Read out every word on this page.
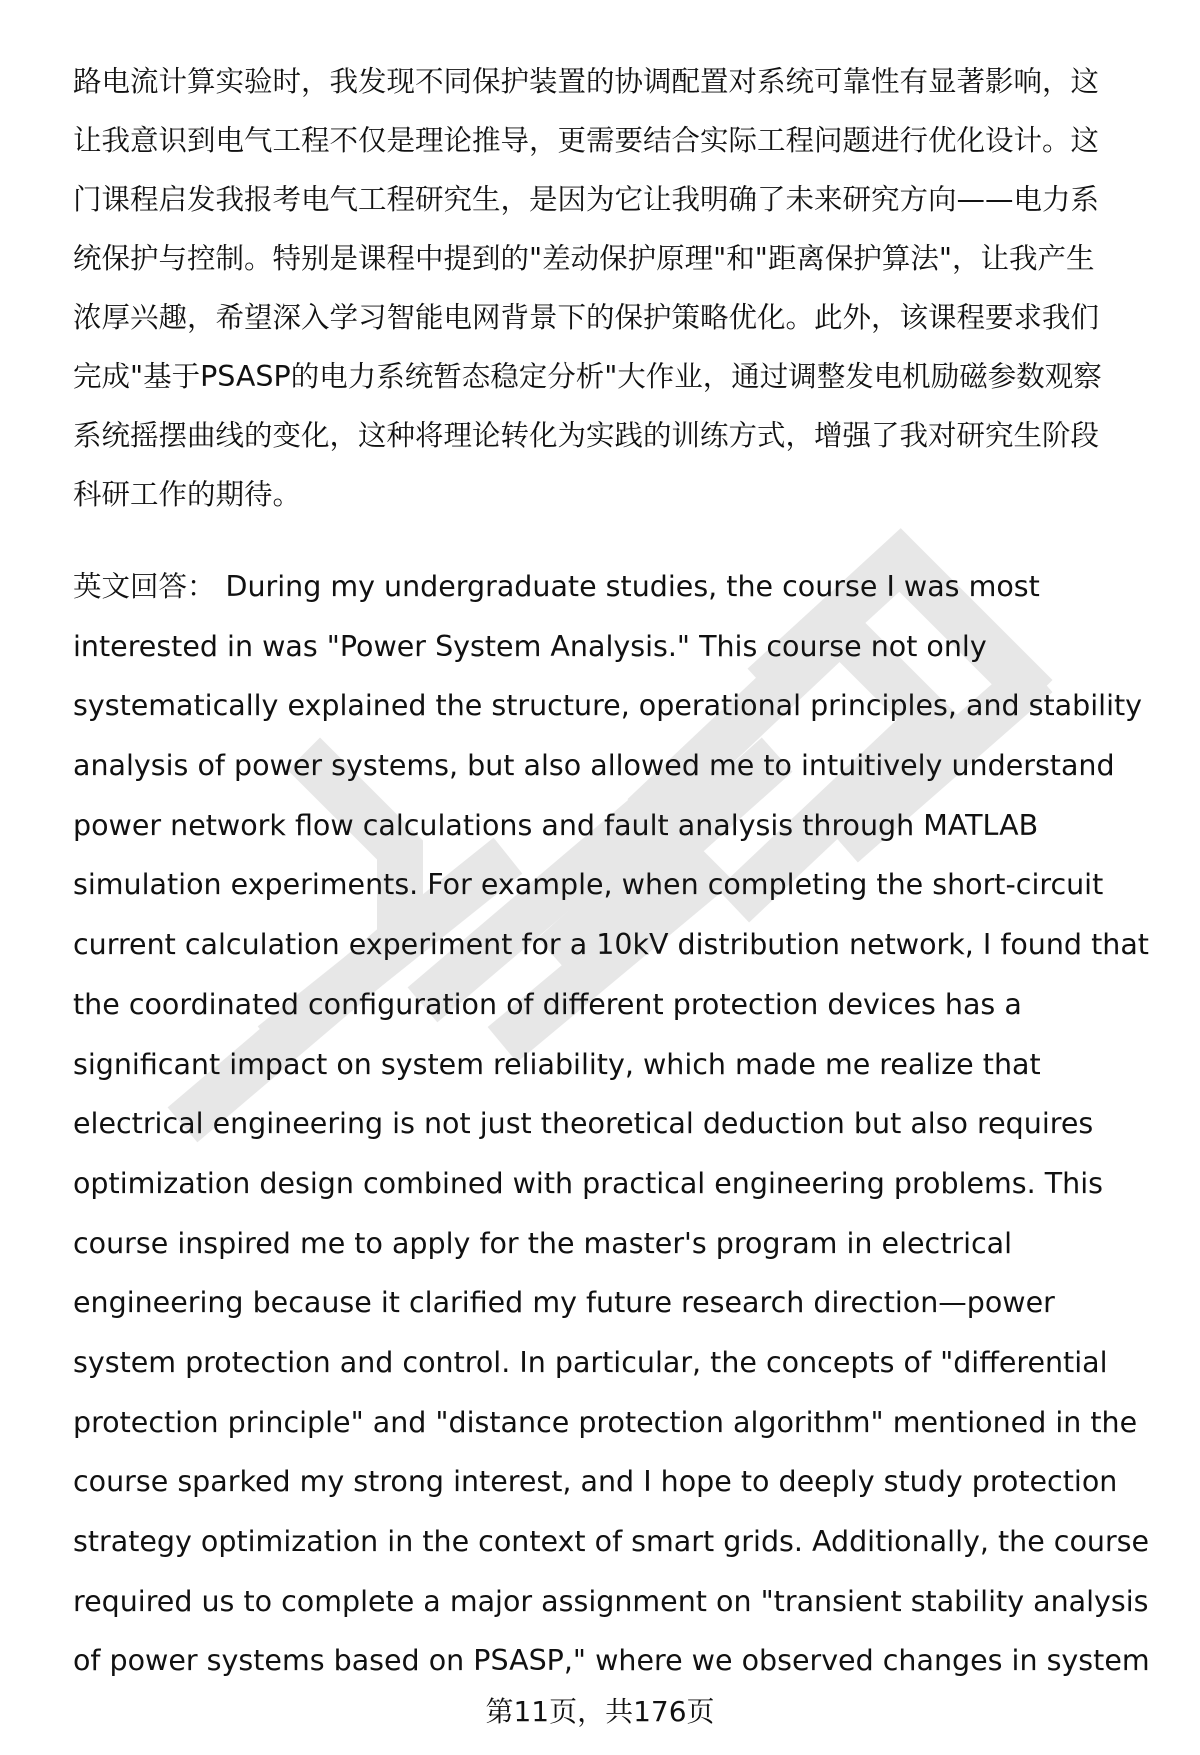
路电流计算实验时，我发现不同保护装置的协调配置对系统可靠性有显著影响，这
让我意识到电气工程不仅是理论推导，更需要结合实际工程问题进行优化设计。这
门课程启发我报考电气工程研究生，是因为它让我明确了未来研究方向——电力系
统保护与控制。特别是课程中提到的"差动保护原理"和"距离保护算法"，让我产生
浓厚兴趣，希望深入学习智能电网背景下的保护策略优化。此外，该课程要求我们
完成"基于PSASP的电力系统暂态稳定分析"大作业，通过调整发电机励磁参数观察
系统摇摆曲线的变化，这种将理论转化为实践的训练方式，增强了我对研究生阶段
科研工作的期待。
英文回答： During my undergraduate studies, the course I was most
interested in was "Power System Analysis." This course not only
systematically explained the structure, operational principles, and stability
analysis of power systems, but also allowed me to intuitively understand
power network flow calculations and fault analysis through MATLAB
simulation experiments. For example, when completing the short-circuit
current calculation experiment for a 10kV distribution network, I found that
the coordinated configuration of different protection devices has a
significant impact on system reliability, which made me realize that
electrical engineering is not just theoretical deduction but also requires
optimization design combined with practical engineering problems. This
course inspired me to apply for the master's program in electrical
engineering because it clarified my future research direction—power
system protection and control. In particular, the concepts of "differential
protection principle" and "distance protection algorithm" mentioned in the
course sparked my strong interest, and I hope to deeply study protection
strategy optimization in the context of smart grids. Additionally, the course
required us to complete a major assignment on "transient stability analysis
of power systems based on PSASP," where we observed changes in system
第11页，共176页
